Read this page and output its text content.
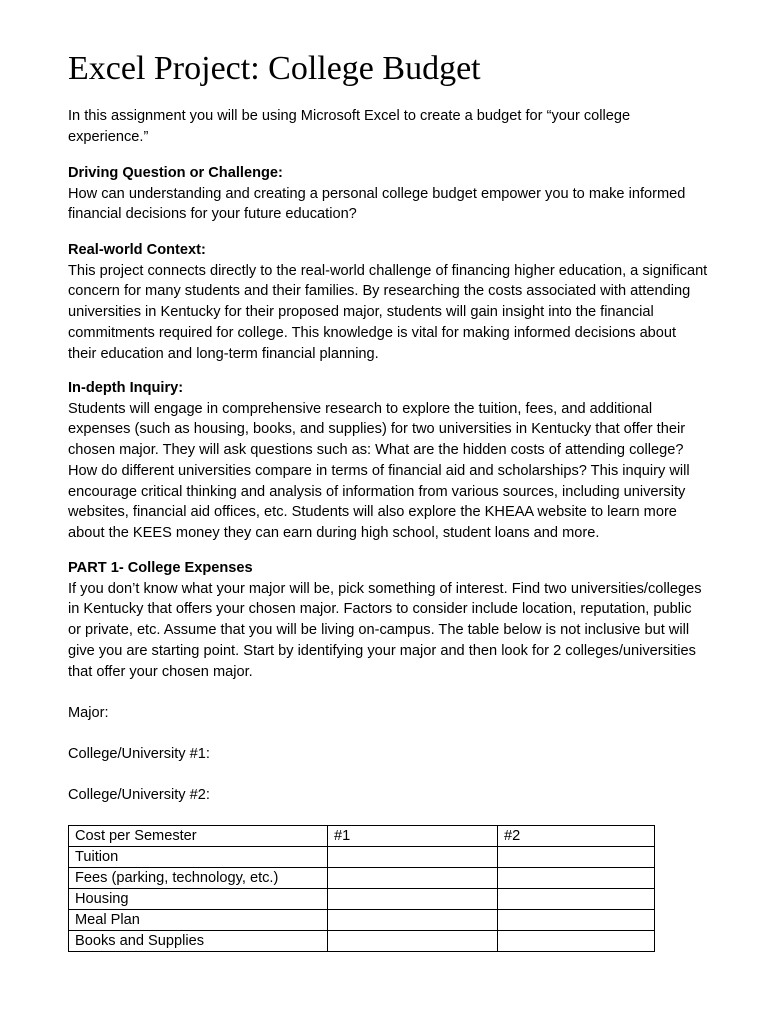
Excel Project: College Budget

In this assignment you will be using Microsoft Excel to create a budget for “your college experience.”

Driving Question or Challenge:

How can understanding and creating a personal college budget empower you to make informed financial decisions for your future education?

Real-world Context:

This project connects directly to the real-world challenge of financing higher education, a significant concern for many students and their families. By researching the costs associated with attending universities in Kentucky for their proposed major, students will gain insight into the financial commitments required for college. This knowledge is vital for making informed decisions about their education and long-term financial planning.

In-depth Inquiry:

Students will engage in comprehensive research to explore the tuition, fees, and additional expenses (such as housing, books, and supplies) for two universities in Kentucky that offer their chosen major. They will ask questions such as: What are the hidden costs of attending college? How do different universities compare in terms of financial aid and scholarships? This inquiry will encourage critical thinking and analysis of information from various sources, including university websites, financial aid offices, etc. Students will also explore the KHEAA website to learn more about the KEES money they can earn during high school, student loans and more.

PART 1- College Expenses

If you don’t know what your major will be, pick something of interest. Find two universities/colleges in Kentucky that offers your chosen major. Factors to consider include location, reputation, public or private, etc. Assume that you will be living on-campus. The table below is not inclusive but will give you are starting point. Start by identifying your major and then look for 2 colleges/universities that offer your chosen major.

Major:
College/University #1:
College/University #2:
Cost per Semester	#1	#2
Tuition		
Fees (parking, technology, etc.)		
Housing		
Meal Plan		
Books and Supplies		
